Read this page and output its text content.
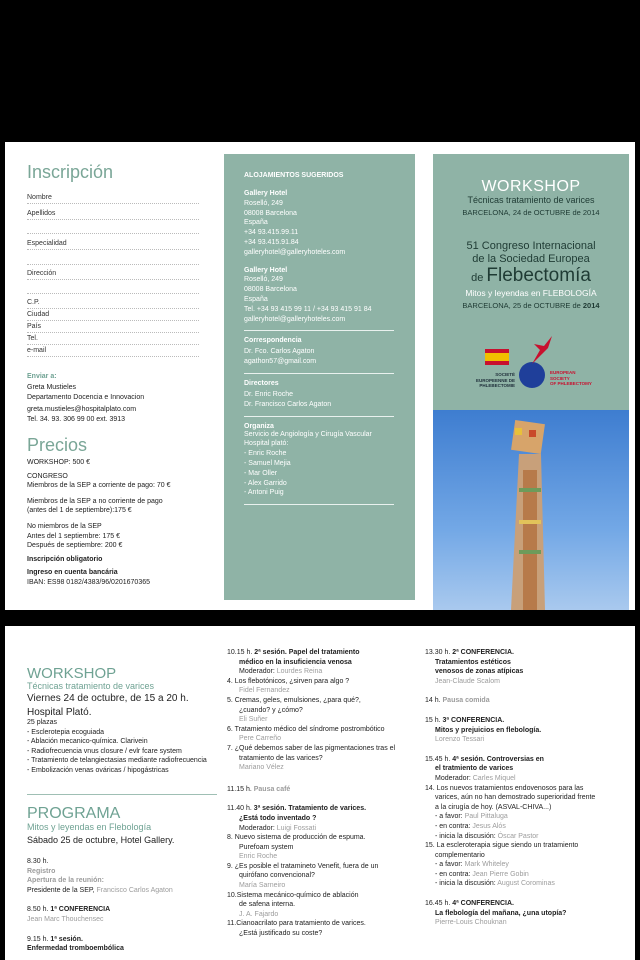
Inscripción
Nombre
Apellidos
Especialidad
Dirección
C.P.
Ciudad
País
Tel.
e-mail
Enviar a:
Greta Mustieles
Departamento Docencia e Innovacion
greta.mustieles@hospitalplato.com
Tel. 34. 93. 306 99 00 ext. 3913
Precios
WORKSHOP: 500 €
CONGRESO
Miembros de la SEP a corriente de pago: 70 €
Miembros de la SEP a no corriente de pago
(antes del 1 de septiembre):175 €
No miembros de la SEP
Antes del 1 septiembre: 175 €
Después de septiembre: 200 €
Inscripción obligatorio
Ingreso en cuenta bancária
IBAN: ES98 0182/4383/96/0201670365
ALOJAMIENTOS SUGERIDOS
Gallery Hotel
Roselló, 249
08008 Barcelona
España
+34 93.415.99.11
+34 93.415.91.84
galleryhotel@galleryhoteles.com
Gallery Hotel
Roselló, 249
08008 Barcelona
España
Tel. +34 93 415 99 11 / +34 93 415 91 84
galleryhotel@galleryhoteles.com
Correspondencia
Dr. Fco. Carlos Agaton
agathon57@gmail.com
Directores
Dr. Enric Roche
Dr. Francisco Carlos Agaton
Organiza
Servicio de Angiología y Cirugía Vascular
Hospital plató:
- Enric Roche
- Samuel Mejia
- Mar Oller
- Alex Garrido
- Antoni Puig
WORKSHOP
Técnicas tratamiento de varices
BARCELONA, 24 de OCTUBRE de 2014
51 Congreso Internacional
de la Sociedad Europea
de Flebectomía
Mitos y leyendas en FLEBOLOGÍA
BARCELONA, 25 de OCTUBRE de 2014
SOCIETÉ
EUROPEENNE DE
PHLEBECTOMIE
EUROPEAN
SOCIETY
OF PHLEBECTOMY
WORKSHOP
Técnicas tratamiento de varices
Viernes 24 de octubre, de 15 a 20 h.
Hospital Plató.
25 plazas
- Esclerotepia ecoguiada
- Ablación mecanico-química. Clarivein
- Radiofrecuencia vnus closure / evlr fcare system
- Tratamiento de telangiectasias mediante radiofrecuencia
- Embolización venas ováricas / hipogástricas
PROGRAMA
Mitos y leyendas en Flebología
Sábado 25 de octubre, Hotel Gallery.
8.30 h.
Registro
Apertura de la reunión:
Presidente de la SEP, Francisco Carlos Agaton
8.50 h. 1ª CONFERENCIA
Jean Marc Thouchensec
9.15 h. 1ª sesión.
Enfermedad tromboembólica
10.15 h. 2ª sesión. Papel del tratamiento
médico en la insuficiencia venosa
Moderador: Lourdes Reina
4. Los flebotónicos, ¿sirven para algo ?
Fidel Fernandez
5. Cremas, geles, emulsiones, ¿para qué?,
¿cuando? y ¿cómo?
Eli Suñer
6. Tratamiento médico del síndrome postrombótico
Pere Carreño
7. ¿Qué debemos saber de las pigmentaciones tras el
tratamiento de las varices?
Mariano Vélez
11.15 h. Pausa café
11.40 h. 3ª sesión. Tratamiento de varices.
¿Está todo inventado ?
Moderador: Luigi Fossati
8. Nuevo sistema de producción de espuma.
Purefoam system
Enric Roche
9. ¿Es posible el tratamineto Venefit, fuera de un
quirófano convencional?
María Sarneiro
10.Sistema mecánico-químico de ablación
de safena interna.
J. A. Fajardo
11.Cianoacrilato para tratamiento de varices.
¿Está justificado su coste?
13.30 h. 2ª CONFERENCIA.
Tratamientos estéticos
venosos de zonas atípicas
Jean-Claude Scalom
14 h. Pausa comida
15 h. 3ª CONFERENCIA.
Mitos y prejuicios en flebología.
Lorenzo Tessari
15.45 h. 4ª sesión. Controversias en
el tratmiento de varices
Moderador: Carles Miquel
14. Los nuevos tratamientos endovenosos para las
varices, aún no han demostrado superioridad frente
a la cirugía de hoy. (ASVAL-CHIVA...)
- a favor: Paul Pittaluga
- en contra: Jesus Alós
- inicia la discusión: Óscar Pastor
15. La escleroterapia sigue siendo un tratamiento
complementario
- a favor: Mark Whiteley
- en contra: Jean Pierre Gobin
- inicia la discusión: August Corominas
16.45 h. 4ª CONFERENCIA.
La flebología del mañana, ¿una utopía?
Pierre-Louis Chouknan
